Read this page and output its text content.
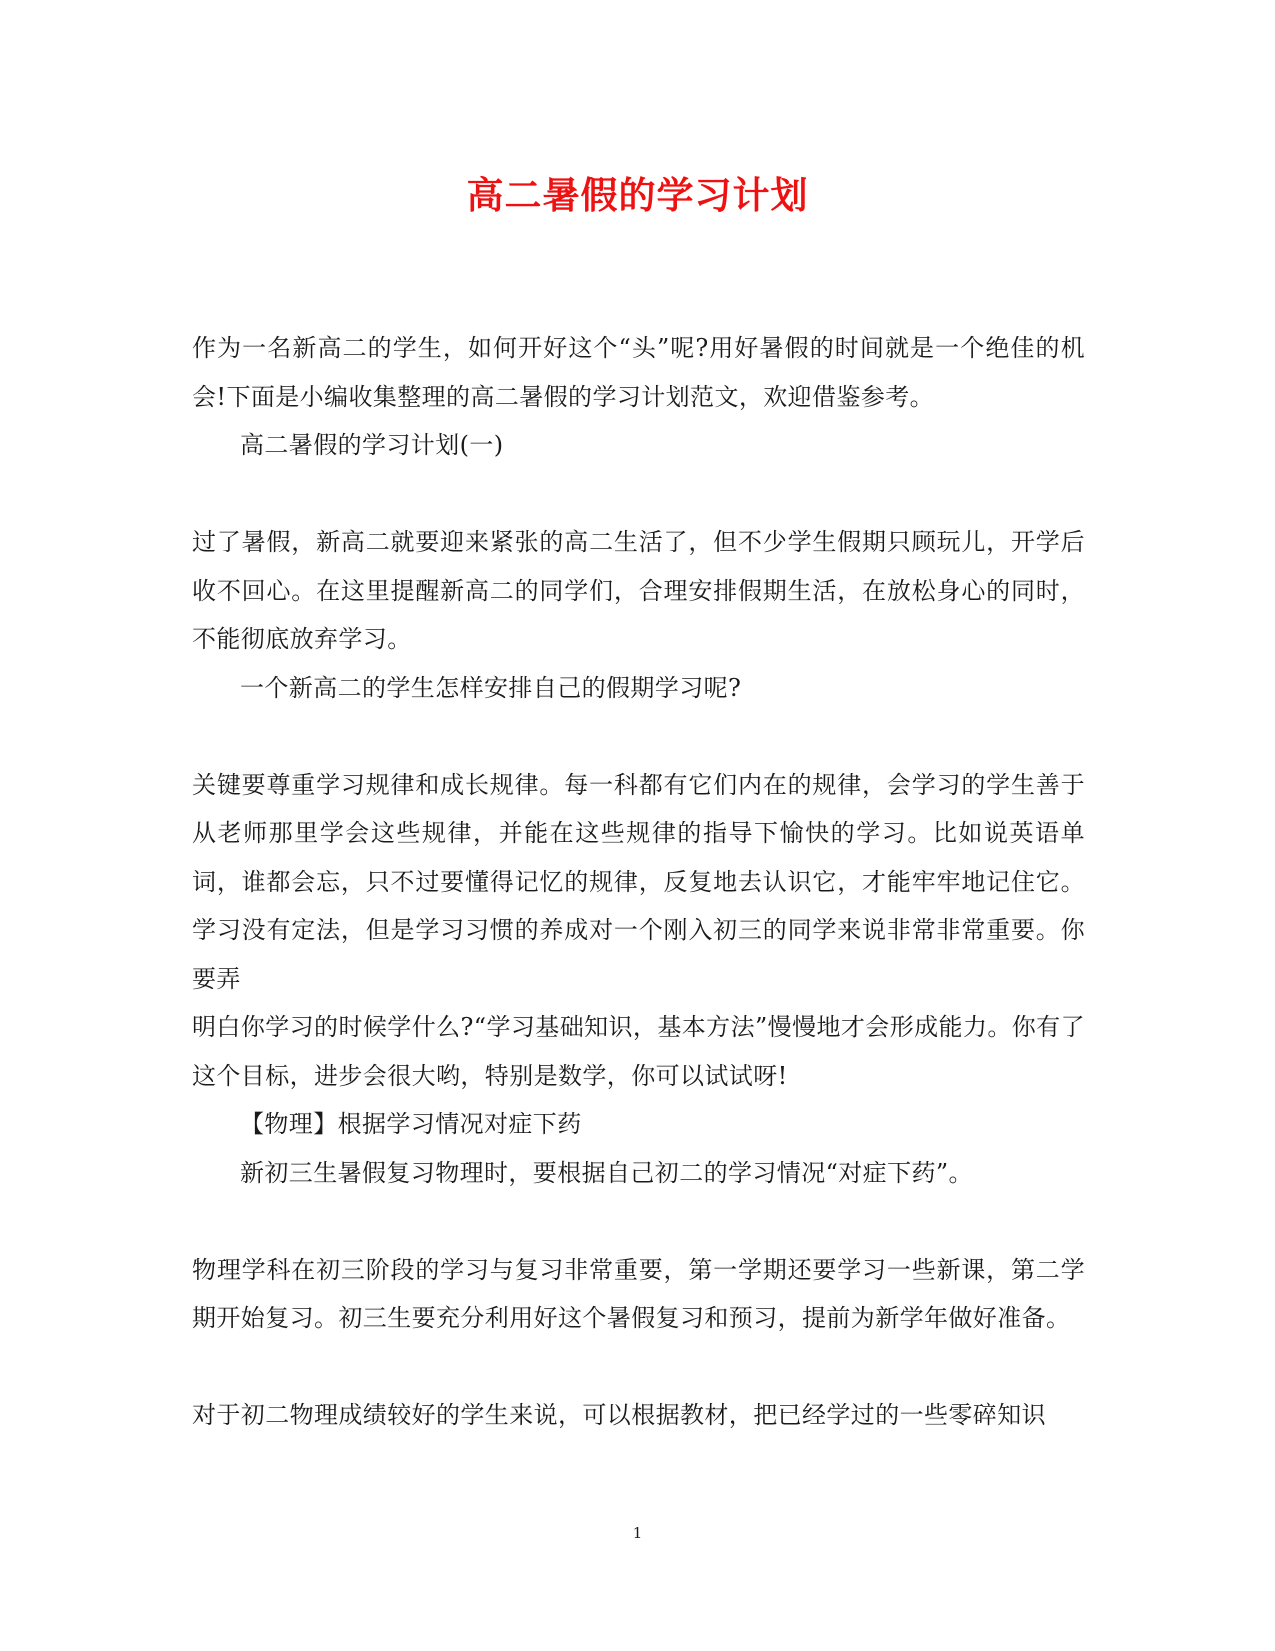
高二暑假的学习计划

作为一名新高二的学生，如何开好这个“头”呢?用好暑假的时间就是一个绝佳的机会!下面是小编收集整理的高二暑假的学习计划范文，欢迎借鉴参考。

高二暑假的学习计划(一)

过了暑假，新高二就要迎来紧张的高二生活了，但不少学生假期只顾玩儿，开学后收不回心。在这里提醒新高二的同学们，合理安排假期生活，在放松身心的同时，不能彻底放弃学习。

一个新高二的学生怎样安排自己的假期学习呢?

关键要尊重学习规律和成长规律。每一科都有它们内在的规律，会学习的学生善于从老师那里学会这些规律，并能在这些规律的指导下愉快的学习。比如说英语单词，谁都会忘，只不过要懂得记忆的规律，反复地去认识它，才能牢牢地记住它。学习没有定法，但是学习习惯的养成对一个刚入初三的同学来说非常非常重要。你要弄

明白你学习的时候学什么?“学习基础知识，基本方法”慢慢地才会形成能力。你有了这个目标，进步会很大哟，特别是数学，你可以试试呀!

【物理】根据学习情况对症下药

新初三生暑假复习物理时，要根据自己初二的学习情况“对症下药”。

物理学科在初三阶段的学习与复习非常重要，第一学期还要学习一些新课，第二学期开始复习。初三生要充分利用好这个暑假复习和预习，提前为新学年做好准备。

对于初二物理成绩较好的学生来说，可以根据教材，把已经学过的一些零碎知识

1
